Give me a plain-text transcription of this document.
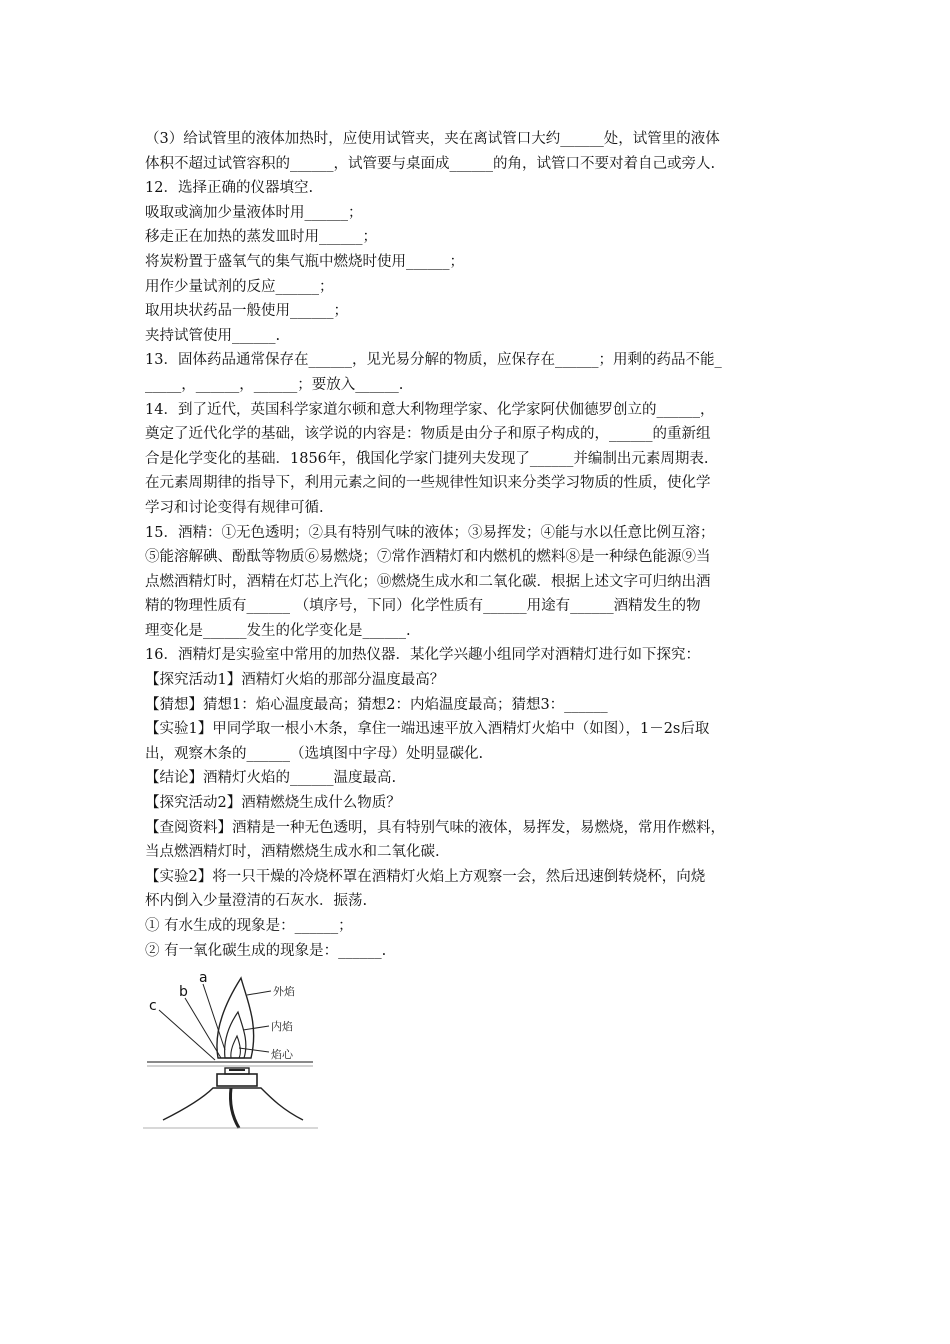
（3）给试管里的液体加热时，应使用试管夹，夹在离试管口大约______处，试管里的液体
体积不超过试管容积的______，试管要与桌面成______的角，试管口不要对着自己或旁人.
12．选择正确的仪器填空.
吸取或滴加少量液体时用______；
移走正在加热的蒸发皿时用______；
将炭粉置于盛氧气的集气瓶中燃烧时使用______；
用作少量试剂的反应______；
取用块状药品一般使用______；
夹持试管使用______.
13．固体药品通常保存在______，见光易分解的物质，应保存在______；用剩的药品不能_
_____，______，______；要放入______.
14．到了近代，英国科学家道尔顿和意大利物理学家、化学家阿伏伽德罗创立的______，
奠定了近代化学的基础，该学说的内容是：物质是由分子和原子构成的，______的重新组
合是化学变化的基础．1856年，俄国化学家门捷列夫发现了______并编制出元素周期表.
在元素周期律的指导下，利用元素之间的一些规律性知识来分类学习物质的性质，使化学
学习和讨论变得有规律可循.
15．酒精：①无色透明；②具有特别气味的液体；③易挥发；④能与水以任意比例互溶；
⑤能溶解碘、酚酞等物质⑥易燃烧；⑦常作酒精灯和内燃机的燃料⑧是一种绿色能源⑨当
点燃酒精灯时，酒精在灯芯上汽化；⑩燃烧生成水和二氧化碳．根据上述文字可归纳出酒
精的物理性质有______ （填序号，下同）化学性质有______用途有______酒精发生的物
理变化是______发生的化学变化是______.
16．酒精灯是实验室中常用的加热仪器．某化学兴趣小组同学对酒精灯进行如下探究：
【探究活动1】酒精灯火焰的那部分温度最高？
【猜想】猜想1：焰心温度最高；猜想2：内焰温度最高；猜想3：______
【实验1】甲同学取一根小木条，拿住一端迅速平放入酒精灯火焰中（如图），1－2s后取
出，观察木条的______（选填图中字母）处明显碳化.
【结论】酒精灯火焰的______温度最高.
【探究活动2】酒精燃烧生成什么物质？
【查阅资料】酒精是一种无色透明，具有特别气味的液体，易挥发，易燃烧，常用作燃料，
当点燃酒精灯时，酒精燃烧生成水和二氧化碳.
【实验2】将一只干燥的冷烧杯罩在酒精灯火焰上方观察一会，然后迅速倒转烧杯，向烧
杯内倒入少量澄清的石灰水．振荡.
① 有水生成的现象是：______；
② 有一氧化碳生成的现象是：______.
a
b
c
外焰
内焰
焰心
